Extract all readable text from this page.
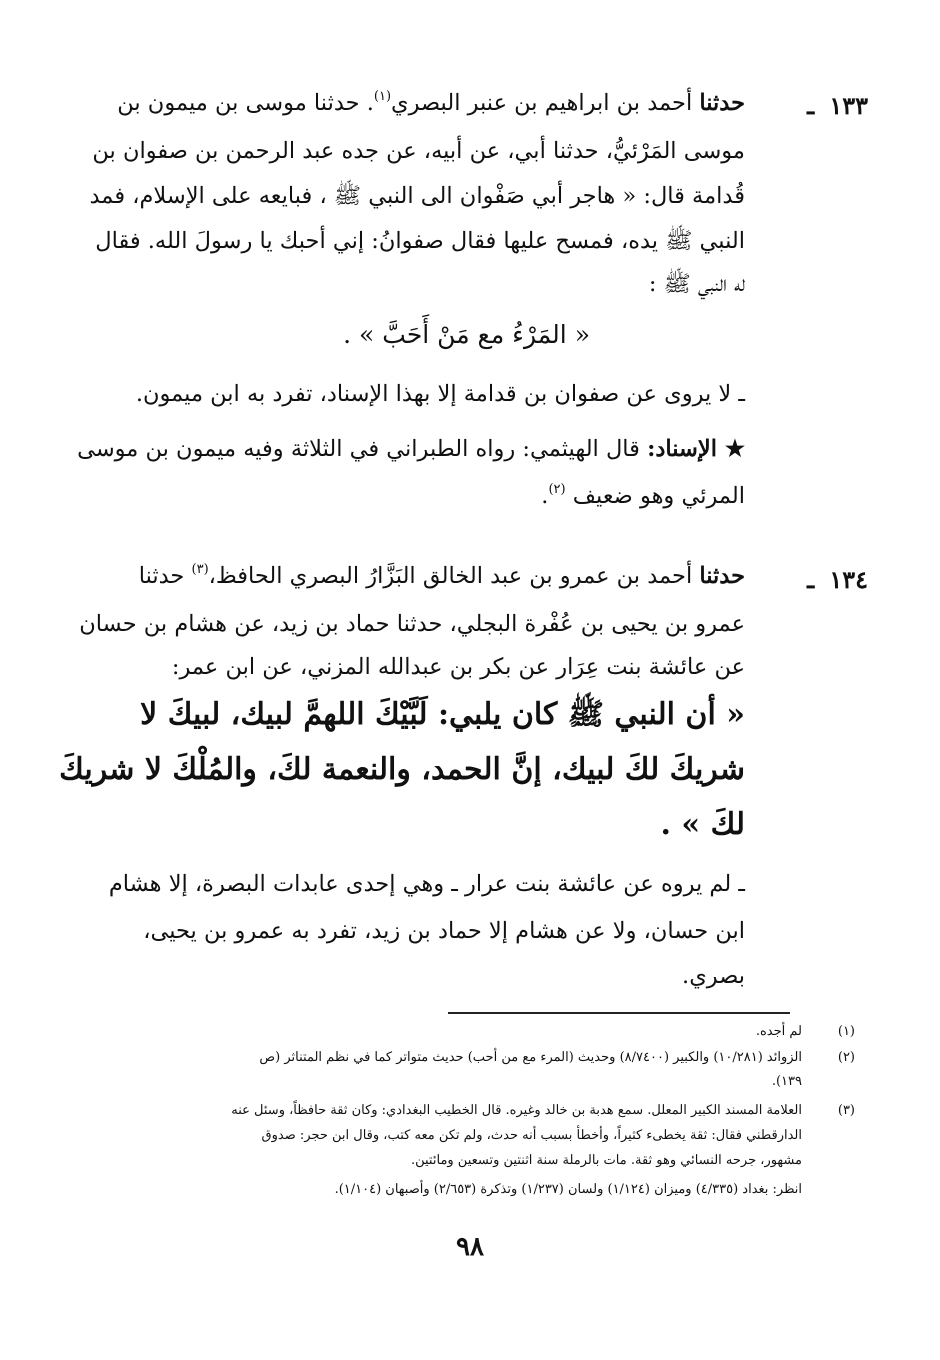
١٣٣ ـ
حدثنا أحمد بن ابراهيم بن عنبر البصري$^{(١)}$. حدثنا موسى بن ميمون بن
موسى المَرْئيُّ، حدثنا أبي، عن أبيه، عن جده عبد الرحمن بن صفوان بن
قُدامة قال: « هاجر أبي صَفْوان الى النبي ﷺ ، فبايعه على الإسلام، فمد
النبي ﷺ يده، فمسح عليها فقال صفوانُ: إني أحبك يا رسولَ الله. فقال
له النبي ﷺ :
« المَرْءُ مع مَنْ أَحَبَّ » .
ـ لا يروى عن صفوان بن قدامة إلا بهذا الإسناد، تفرد به ابن ميمون.
★ الإسناد: قال الهيثمي: رواه الطبراني في الثلاثة وفيه ميمون بن موسى
المرئي وهو ضعيف $^{(٢)}$.
١٣٤ ـ
حدثنا أحمد بن عمرو بن عبد الخالق البَزَّارُ البصري الحافظ،$^{(٣)}$ حدثنا
عمرو بن يحيى بن عُفْرة البجلي، حدثنا حماد بن زيد، عن هشام بن حسان
عن عائشة بنت عِرَار عن بكر بن عبدالله المزني، عن ابن عمر:
« أن النبي ﷺ كان يلبي: لَبَّيْكَ اللهمَّ لبيك، لبيكَ لا
شريكَ لكَ لبيك، إنَّ الحمد، والنعمة لكَ، والمُلْكَ لا شريكَ
لكَ » .
ـ لم يروه عن عائشة بنت عرار ـ وهي إحدى عابدات البصرة، إلا هشام
ابن حسان، ولا عن هشام إلا حماد بن زيد، تفرد به عمرو بن يحيى،
بصري.
(١)
لم أجده.
(٢)
الزوائد (١٠/٢٨١) والكبير (٨/٧٤٠٠) وحديث (المرء مع من أحب) حديث متواتر كما في نظم المتناثر (ص
١٣٩).
(٣)
العلامة المسند الكبير المعلل. سمع هدبة بن خالد وغيره. قال الخطيب البغدادي: وكان ثقة حافظاً، وسئل عنه
الدارقطني فقال: ثقة يخطىء كثيراً، وأخطأ بسبب أنه حدث، ولم تكن معه كتب، وقال ابن حجر: صدوق
مشهور، جرحه النسائي وهو ثقة. مات بالرملة سنة اثنتين وتسعين ومائتين.
انظر: بغداد (٤/٣٣٥) وميزان (١/١٢٤) ولسان (١/٢٣٧) وتذكرة (٢/٦٥٣) وأصبهان (١/١٠٤).
٩٨
